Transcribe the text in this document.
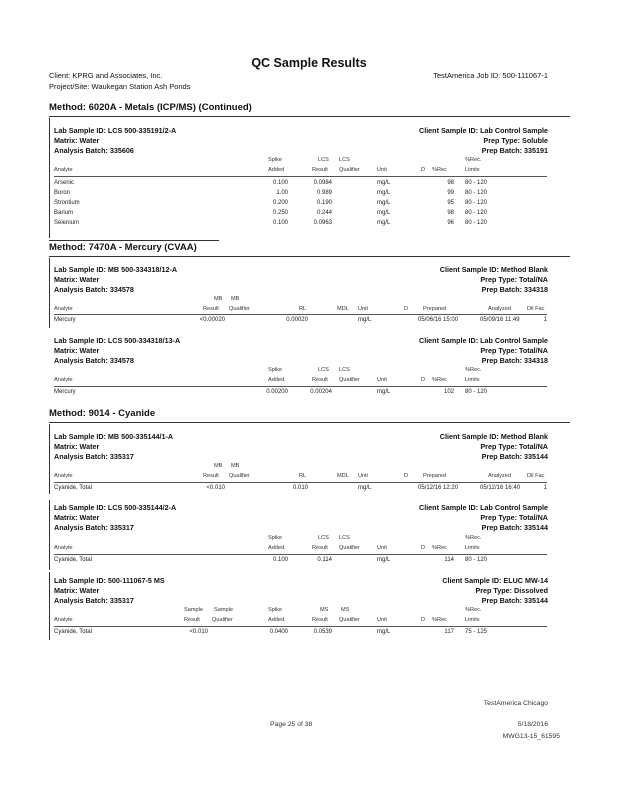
QC Sample Results
Client: KPRG and Associates, Inc.
Project/Site: Waukegan Station Ash Ponds
TestAmerica Job ID: 500-111067-1
Method: 6020A - Metals (ICP/MS) (Continued)
Lab Sample ID: LCS 500-335191/2-A
Matrix: Water
Analysis Batch: 335606
Client Sample ID: Lab Control Sample
Prep Type: Soluble
Prep Batch: 335191
Spike	LCS LCS	%Rec.
Analyte	Added	Result Qualifier	Unit	D %Rec	Limits
Arsenic	0.100	0.0984	mg/L	98 80 - 120
Boron	1.00	0.989	mg/L	99 80 - 120
Strontium	0.200	0.190	mg/L	95 80 - 120
Barium	0.250	0.244	mg/L	98 80 - 120
Selenium	0.100	0.0963	mg/L	96 80 - 120
Method: 7470A - Mercury (CVAA)
Lab Sample ID: MB 500-334318/12-A
Matrix: Water
Analysis Batch: 334578
Client Sample ID: Method Blank
Prep Type: Total/NA
Prep Batch: 334318
MB MB
Analyte	Result Qualifier	RL	MDL Unit	D	Prepared	Analyzed	Dil Fac
Mercury	<0.00020	0.00020	mg/L	05/06/16 15:00	05/09/16 11:49	1
Lab Sample ID: LCS 500-334318/13-A
Matrix: Water
Analysis Batch: 334578
Client Sample ID: Lab Control Sample
Prep Type: Total/NA
Prep Batch: 334318
Spike	LCS LCS	%Rec.
Analyte	Added	Result Qualifier	Unit	D %Rec	Limits
Mercury	0.00200	0.00204	mg/L	102 80 - 120
Method: 9014 - Cyanide
Lab Sample ID: MB 500-335144/1-A
Matrix: Water
Analysis Batch: 335317
Client Sample ID: Method Blank
Prep Type: Total/NA
Prep Batch: 335144
MB MB
Analyte	Result Qualifier	RL	MDL Unit	D	Prepared	Analyzed	Dil Fac
Cyanide, Total	<0.010	0.010	mg/L	05/12/16 12:20	05/12/16 16:40	1
Lab Sample ID: LCS 500-335144/2-A
Matrix: Water
Analysis Batch: 335317
Client Sample ID: Lab Control Sample
Prep Type: Total/NA
Prep Batch: 335144
Spike	LCS LCS	%Rec.
Analyte	Added	Result Qualifier	Unit	D %Rec	Limits
Cyanide, Total	0.100	0.114	mg/L	114 80 - 120
Lab Sample ID: 500-111067-5 MS
Matrix: Water
Analysis Batch: 335317
Client Sample ID: ELUC MW-14
Prep Type: Dissolved
Prep Batch: 335144
Sample Sample	Spike	MS MS	%Rec.
Analyte	Result Qualifier	Added	Result Qualifier	Unit	D %Rec	Limits
Cyanide, Total	<0.010	0.0400	0.0539	mg/L	117 75 - 125
TestAmerica Chicago
Page 25 of 38	5/18/2016
MWG13-15_61595
